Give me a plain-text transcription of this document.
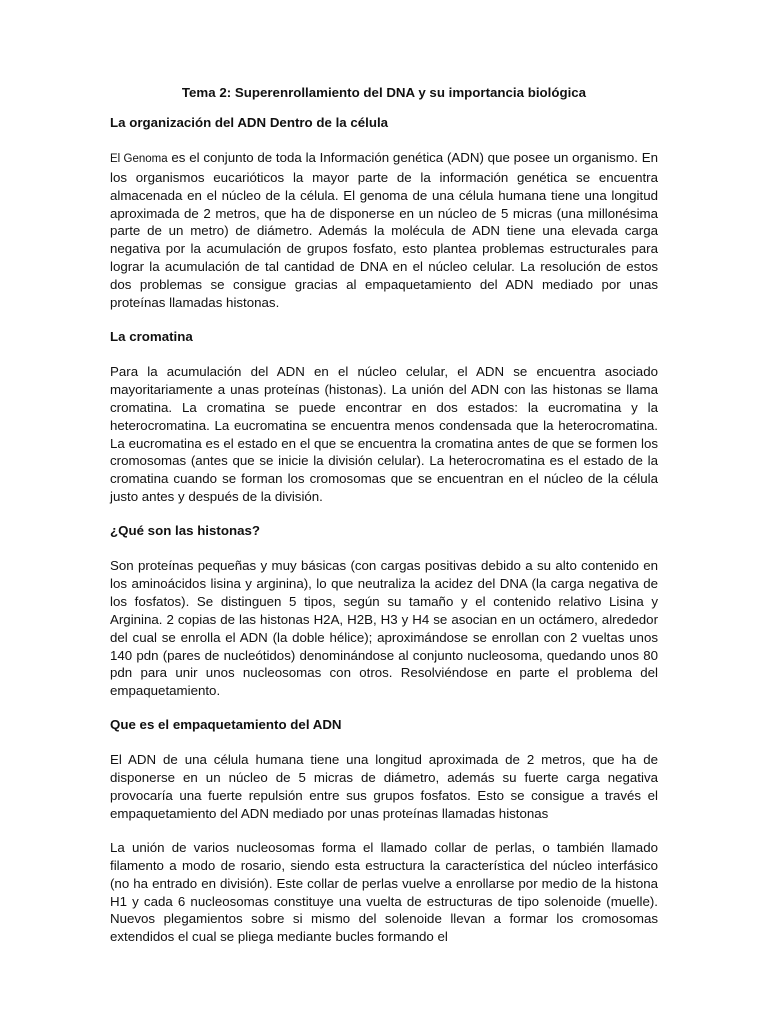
Tema 2: Superenrollamiento del DNA y su importancia biológica
La organización del ADN Dentro de la célula

El Genoma es el conjunto de toda la Información genética (ADN) que posee un organismo. En los organismos eucarióticos la mayor parte de la información genética se encuentra almacenada en el núcleo de la célula. El genoma de una célula humana tiene una longitud aproximada de 2 metros, que ha de disponerse en un núcleo de 5 micras (una millonésima parte de un metro) de diámetro. Además la molécula de ADN tiene una elevada carga negativa por la acumulación de grupos fosfato, esto plantea problemas estructurales para lograr la acumulación de tal cantidad de DNA en el núcleo celular. La resolución de estos dos problemas se consigue gracias al empaquetamiento del ADN mediado por unas proteínas llamadas histonas.

La cromatina

Para la acumulación del ADN en el núcleo celular, el ADN se encuentra asociado mayoritariamente a unas proteínas (histonas). La unión del ADN con las histonas se llama cromatina. La cromatina se puede encontrar en dos estados: la eucromatina y la heterocromatina. La eucromatina se encuentra menos condensada que la heterocromatina. La eucromatina es el estado en el que se encuentra la cromatina antes de que se formen los cromosomas (antes que se inicie la división celular). La heterocromatina es el estado de la cromatina cuando se forman los cromosomas que se encuentran en el núcleo de la célula justo antes y después de la división.

¿Qué son las histonas?

Son proteínas pequeñas y muy básicas (con cargas positivas debido a su alto contenido en los aminoácidos lisina y arginina), lo que neutraliza la acidez del DNA (la carga negativa de los fosfatos). Se distinguen 5 tipos, según su tamaño y el contenido relativo Lisina y Arginina. 2 copias de las histonas H2A, H2B, H3 y H4 se asocian en un octámero, alrededor del cual se enrolla el ADN (la doble hélice); aproximándose se enrollan con 2 vueltas unos 140 pdn (pares de nucleótidos) denominándose al conjunto nucleosoma, quedando unos 80 pdn para unir unos nucleosomas con otros. Resolviéndose en parte el problema del empaquetamiento.

Que es el empaquetamiento del ADN

El ADN de una célula humana tiene una longitud aproximada de 2 metros, que ha de disponerse en un núcleo de 5 micras de diámetro, además su fuerte carga negativa provocaría una fuerte repulsión entre sus grupos fosfatos. Esto se consigue a través el empaquetamiento del ADN mediado por unas proteínas llamadas histonas

La unión de varios nucleosomas forma el llamado collar de perlas, o también llamado filamento a modo de rosario, siendo esta estructura la característica del núcleo interfásico (no ha entrado en división). Este collar de perlas vuelve a enrollarse por medio de la histona H1 y cada 6 nucleosomas constituye una vuelta de estructuras de tipo solenoide (muelle). Nuevos plegamientos sobre si mismo del solenoide llevan a formar los cromosomas extendidos el cual se pliega mediante bucles formando el
